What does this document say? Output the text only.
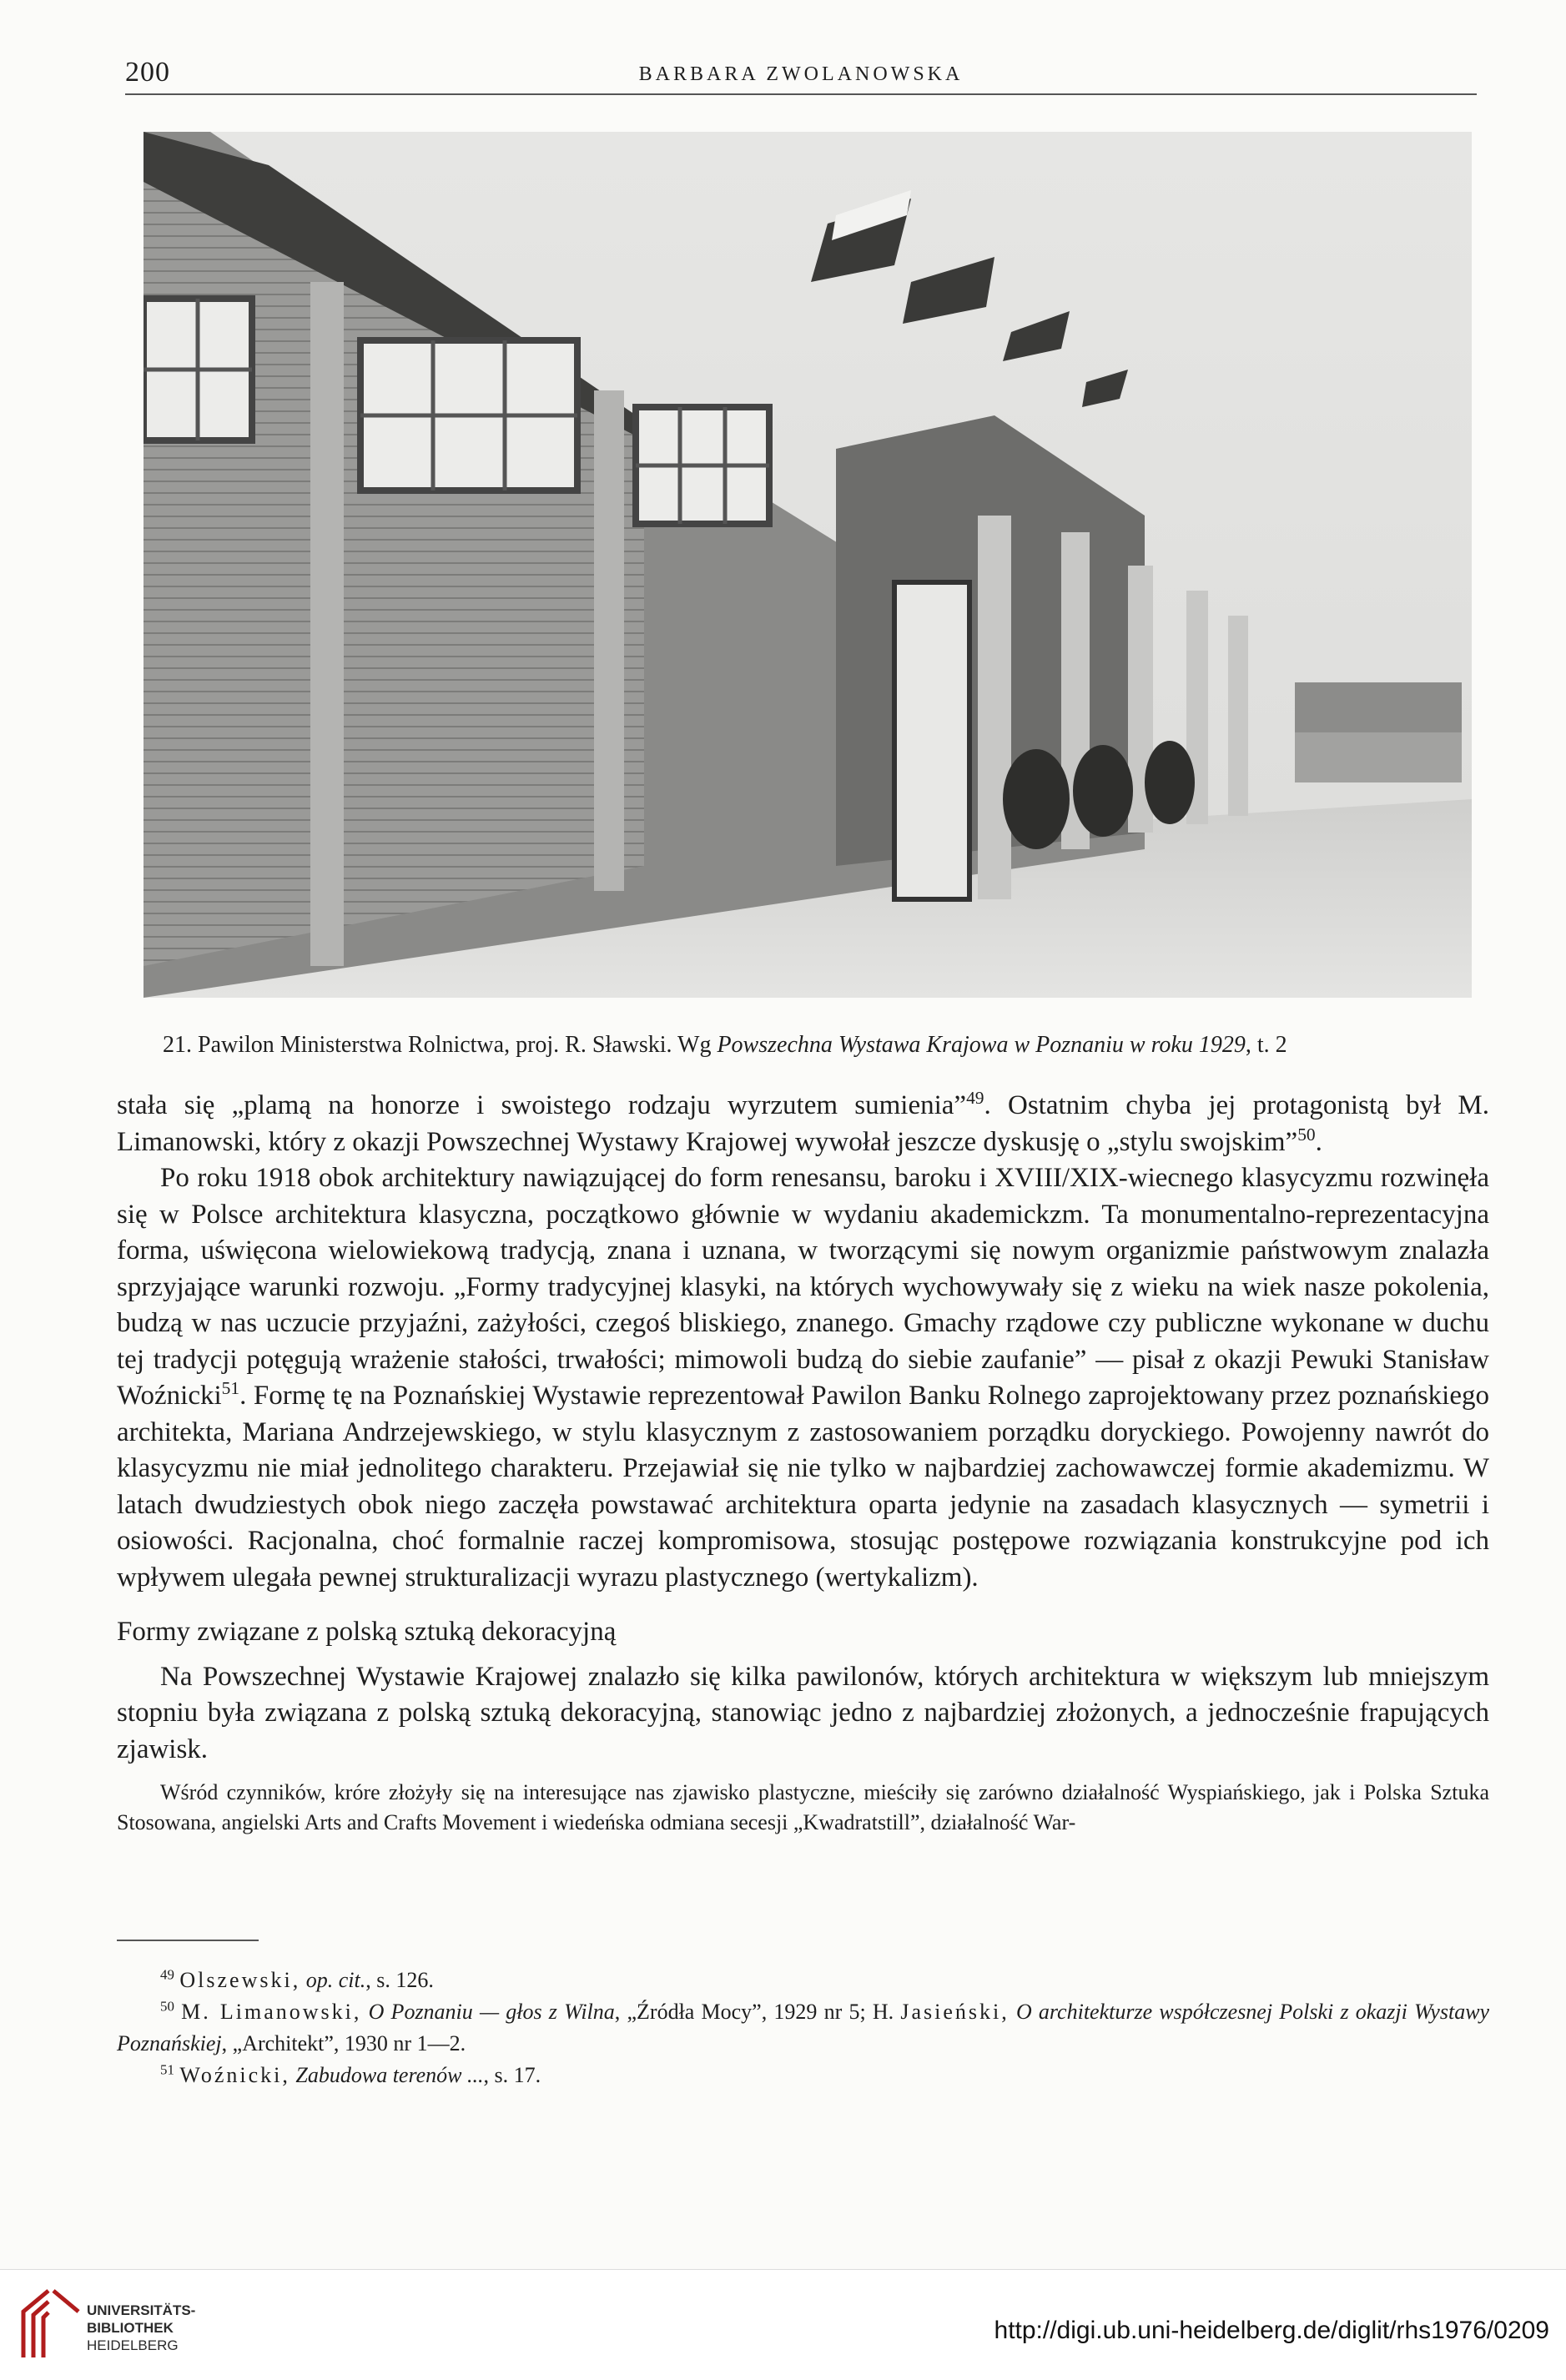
200	BARBARA ZWOLANOWSKA
21. Pawilon Ministerstwa Rolnictwa, proj. R. Sławski. Wg Powszechna Wystawa Krajowa w Poznaniu w roku 1929, t. 2

stała się „plamą na honorze i swoistego rodzaju wyrzutem sumienia”$^{49}$. Ostatnim chyba jej protagonistą był M. Limanowski, który z okazji Powszechnej Wystawy Krajowej wywołał jeszcze dyskusję o „stylu swojskim”$^{50}$.

Po roku 1918 obok architektury nawiązującej do form renesansu, baroku i XVIII/XIX-wiecnego klasycyzmu rozwinęła się w Polsce architektura klasyczna, początkowo głównie w wydaniu akademickzm. Ta monumentalno-reprezentacyjna forma, uświęcona wielowiekową tradycją, znana i uznana, w tworzącymi się nowym organizmie państwowym znalazła sprzyjające warunki rozwoju. „Formy tradycyjnej klasyki, na których wychowywały się z wieku na wiek nasze pokolenia, budzą w nas uczucie przyjaźni, zażyłości, czegoś bliskiego, znanego. Gmachy rządowe czy publiczne wykonane w duchu tej tradycji potęgują wrażenie stałości, trwałości; mimowoli budzą do siebie zaufanie” — pisał z okazji Pewuki Stanisław Woźnicki$^{51}$. Formę tę na Poznańskiej Wystawie reprezentował Pawilon Banku Rolnego zaprojektowany przez poznańskiego architekta, Mariana Andrzejewskiego, w stylu klasycznym z zastosowaniem porządku doryckiego. Powojenny nawrót do klasycyzmu nie miał jednolitego charakteru. Przejawiał się nie tylko w najbardziej zachowawczej formie akademizmu. W latach dwudziestych obok niego zaczęła powstawać architektura oparta jedynie na zasadach klasycznych — symetrii i osiowości. Racjonalna, choć formalnie raczej kompromisowa, stosując postępowe rozwiązania konstrukcyjne pod ich wpływem ulegała pewnej strukturalizacji wyrazu plastycznego (wertykalizm).

Formy związane z polską sztuką dekoracyjną

Na Powszechnej Wystawie Krajowej znalazło się kilka pawilonów, których architektura w większym lub mniejszym stopniu była związana z polską sztuką dekoracyjną, stanowiąc jedno z najbardziej złożonych, a jednocześnie frapujących zjawisk.

Wśród czynników, króre złożyły się na interesujące nas zjawisko plastyczne, mieściły się zarówno działalność Wyspiańskiego, jak i Polska Sztuka Stosowana, angielski Arts and Crafts Movement i wiedeńska odmiana secesji „Kwadratstill”, działalność War-

$^{49}$ Olszewski, op. cit., s. 126.

$^{50}$ M. Limanowski, O Poznaniu — głos z Wilna, „Źródła Mocy”, 1929 nr 5; H. Jasieński, O architekturze współczesnej Polski z okazji Wystawy Poznańskiej, „Architekt”, 1930 nr 1—2.

$^{51}$ Woźnicki, Zabudowa terenów ..., s. 17.

UNIVERSITÄTS-
BIBLIOTHEK
HEIDELBERG
http://digi.ub.uni-heidelberg.de/diglit/rhs1976/0209
